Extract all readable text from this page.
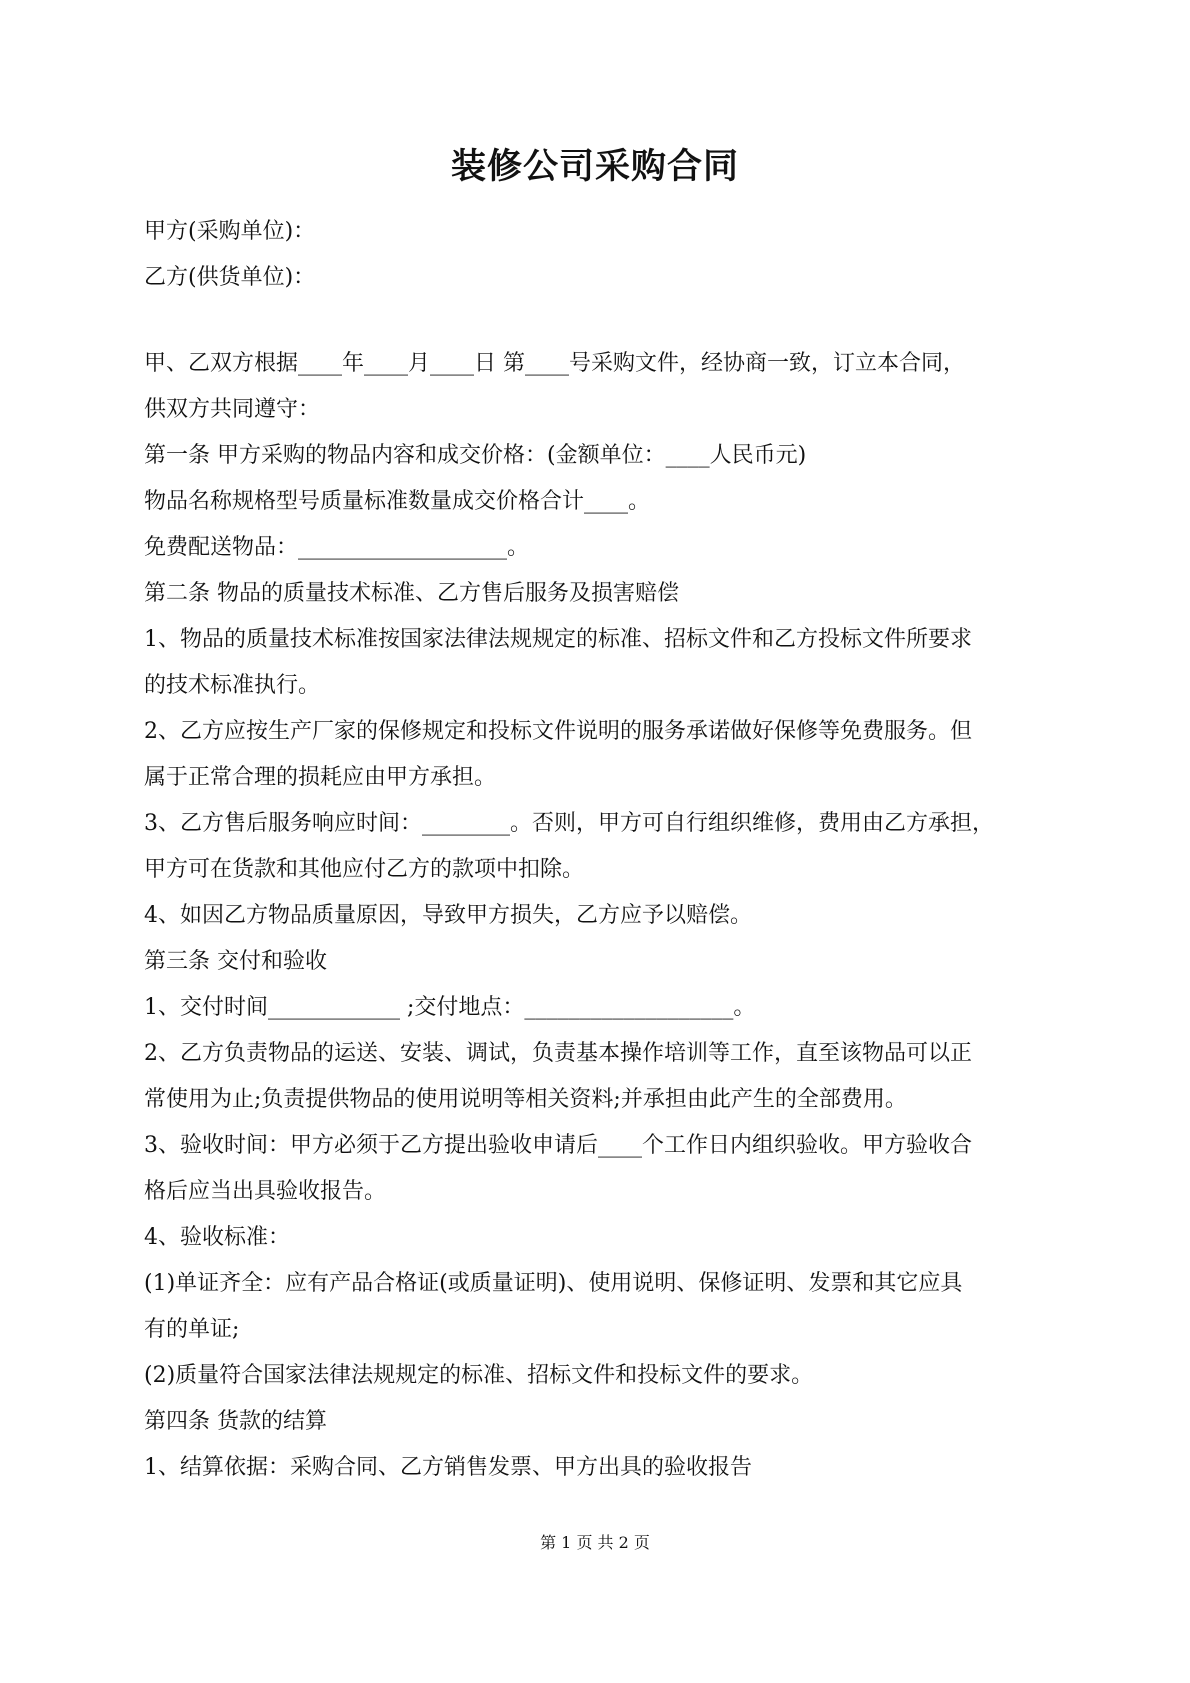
装修公司采购合同
甲方(采购单位)：
乙方(供货单位)：
甲、乙双方根据____年____月____日 第____号采购文件，经协商一致，订立本合同，
供双方共同遵守：
第一条 甲方采购的物品内容和成交价格：(金额单位：____人民币元)
物品名称规格型号质量标准数量成交价格合计____。
免费配送物品：___________________。
第二条 物品的质量技术标准、乙方售后服务及损害赔偿
1、物品的质量技术标准按国家法律法规规定的标准、招标文件和乙方投标文件所要求
的技术标准执行。
2、乙方应按生产厂家的保修规定和投标文件说明的服务承诺做好保修等免费服务。但
属于正常合理的损耗应由甲方承担。
3、乙方售后服务响应时间：________。否则，甲方可自行组织维修，费用由乙方承担，
甲方可在货款和其他应付乙方的款项中扣除。
4、如因乙方物品质量原因，导致甲方损失，乙方应予以赔偿。
第三条 交付和验收
1、交付时间____________ ;交付地点：___________________。
2、乙方负责物品的运送、安装、调试，负责基本操作培训等工作，直至该物品可以正
常使用为止;负责提供物品的使用说明等相关资料;并承担由此产生的全部费用。
3、验收时间：甲方必须于乙方提出验收申请后____个工作日内组织验收。甲方验收合
格后应当出具验收报告。
4、验收标准：
(1)单证齐全：应有产品合格证(或质量证明)、使用说明、保修证明、发票和其它应具
有的单证;
(2)质量符合国家法律法规规定的标准、招标文件和投标文件的要求。
第四条 货款的结算
1、结算依据：采购合同、乙方销售发票、甲方出具的验收报告
第 1 页 共 2 页
